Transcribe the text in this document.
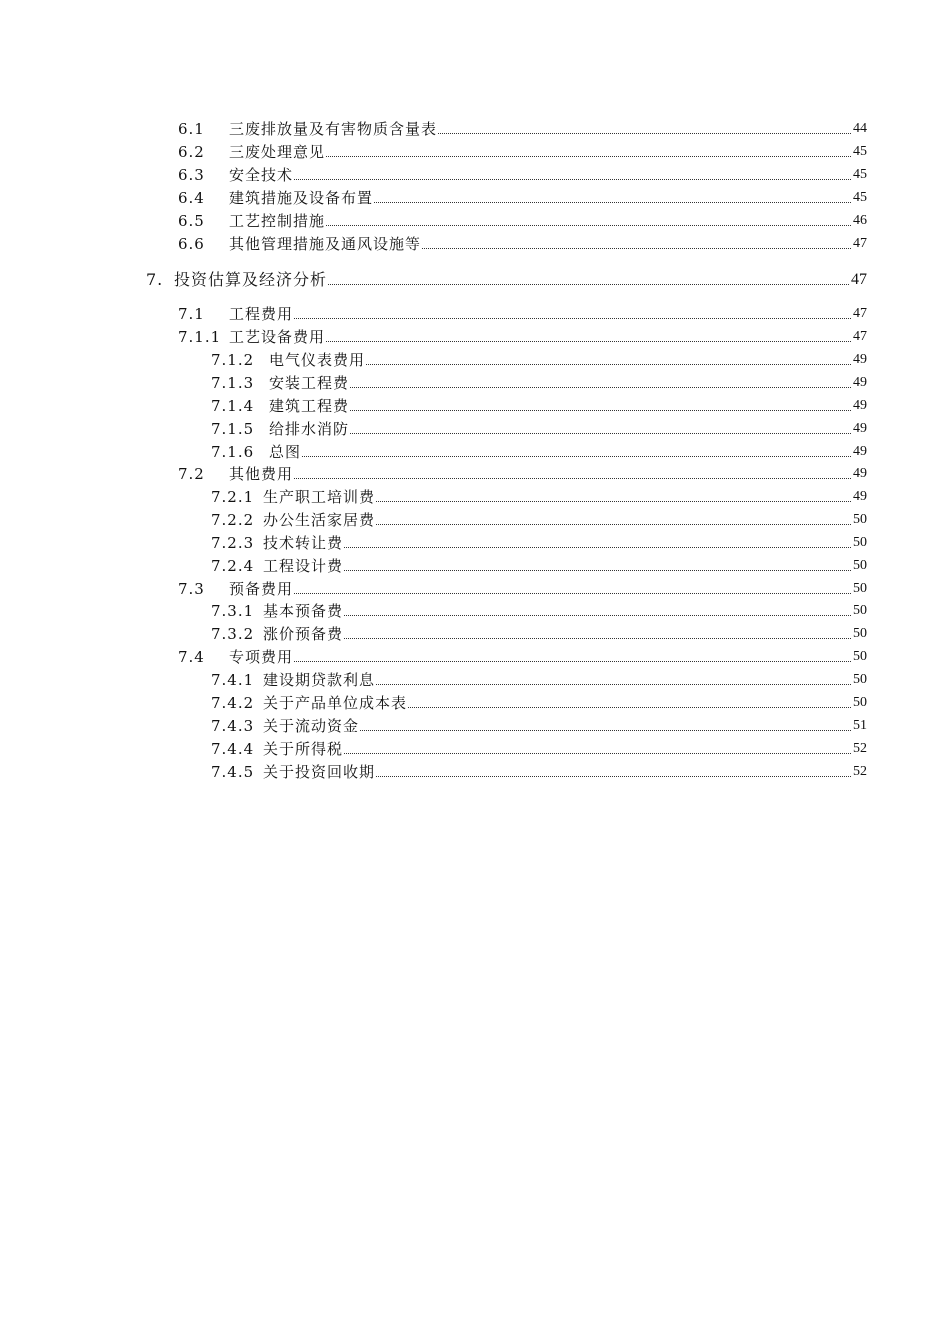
6.1	三废排放量及有害物质含量表	44
6.2	三废处理意见	45
6.3	安全技术	45
6.4	建筑措施及设备布置	45
6.5	工艺控制措施	46
6.6	其他管理措施及通风设施等	47
7. 投资估算及经济分析	47
7.1	工程费用	47
7.1.1 工艺设备费用	47
7.1.2 电气仪表费用	49
7.1.3 安装工程费	49
7.1.4 建筑工程费	49
7.1.5 给排水消防	49
7.1.6 总图	49
7.2	其他费用	49
7.2.1 生产职工培训费	49
7.2.2 办公生活家居费	50
7.2.3 技术转让费	50
7.2.4 工程设计费	50
7.3	预备费用	50
7.3.1 基本预备费	50
7.3.2 涨价预备费	50
7.4	专项费用	50
7.4.1 建设期贷款利息	50
7.4.2 关于产品单位成本表	50
7.4.3 关于流动资金	51
7.4.4 关于所得税	52
7.4.5 关于投资回收期	52
